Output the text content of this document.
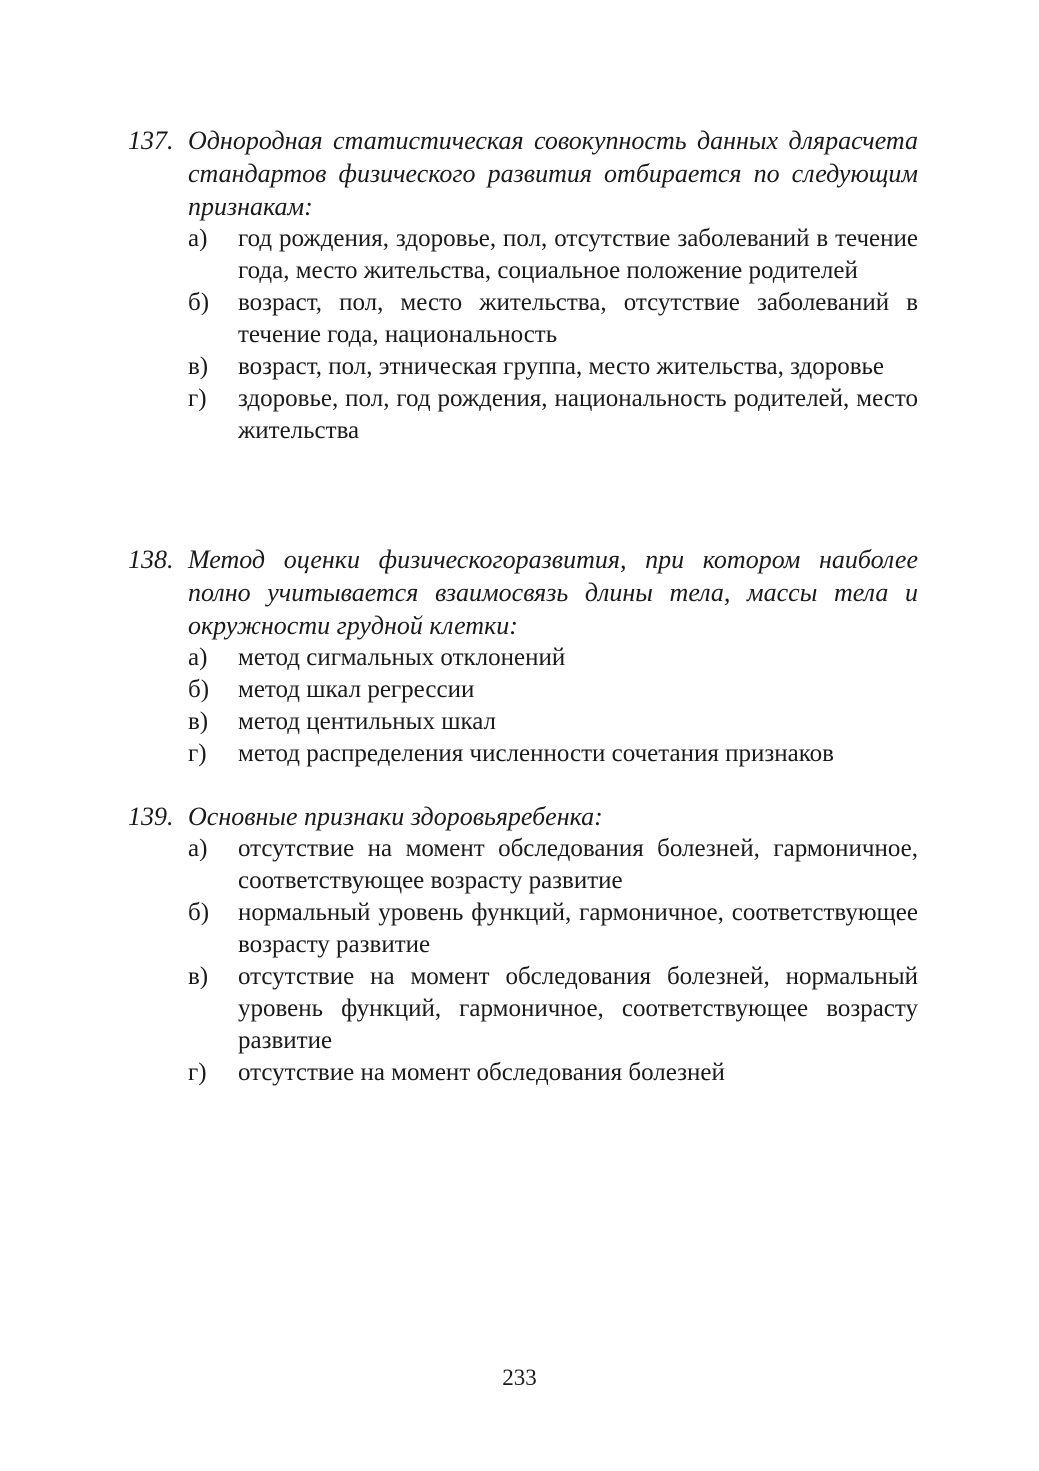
137. Однородная статистическая совокупность данных длярасчета стандартов физического развития отбирается по следующим признакам:
а) год рождения, здоровье, пол, отсутствие заболеваний в течение года, место жительства, социальное положение родителей
б) возраст, пол, место жительства, отсутствие заболеваний в течение года, национальность
в) возраст, пол, этническая группа, место жительства, здоровье
г) здоровье, пол, год рождения, национальность родителей, место жительства
138. Метод оценки физическогоразвития, при котором наиболее полно учитывается взаимосвязь длины тела, массы тела и окружности грудной клетки:
а) метод сигмальных отклонений
б) метод шкал регрессии
в) метод центильных шкал
г) метод распределения численности сочетания признаков
139. Основные признаки здоровьяребенка:
а) отсутствие на момент обследования болезней, гармоничное, соответствующее возрасту развитие
б) нормальный уровень функций, гармоничное, соответствующее возрасту развитие
в) отсутствие на момент обследования болезней, нормальный уровень функций, гармоничное, соответствующее возрасту развитие
г) отсутствие на момент обследования болезней
233
